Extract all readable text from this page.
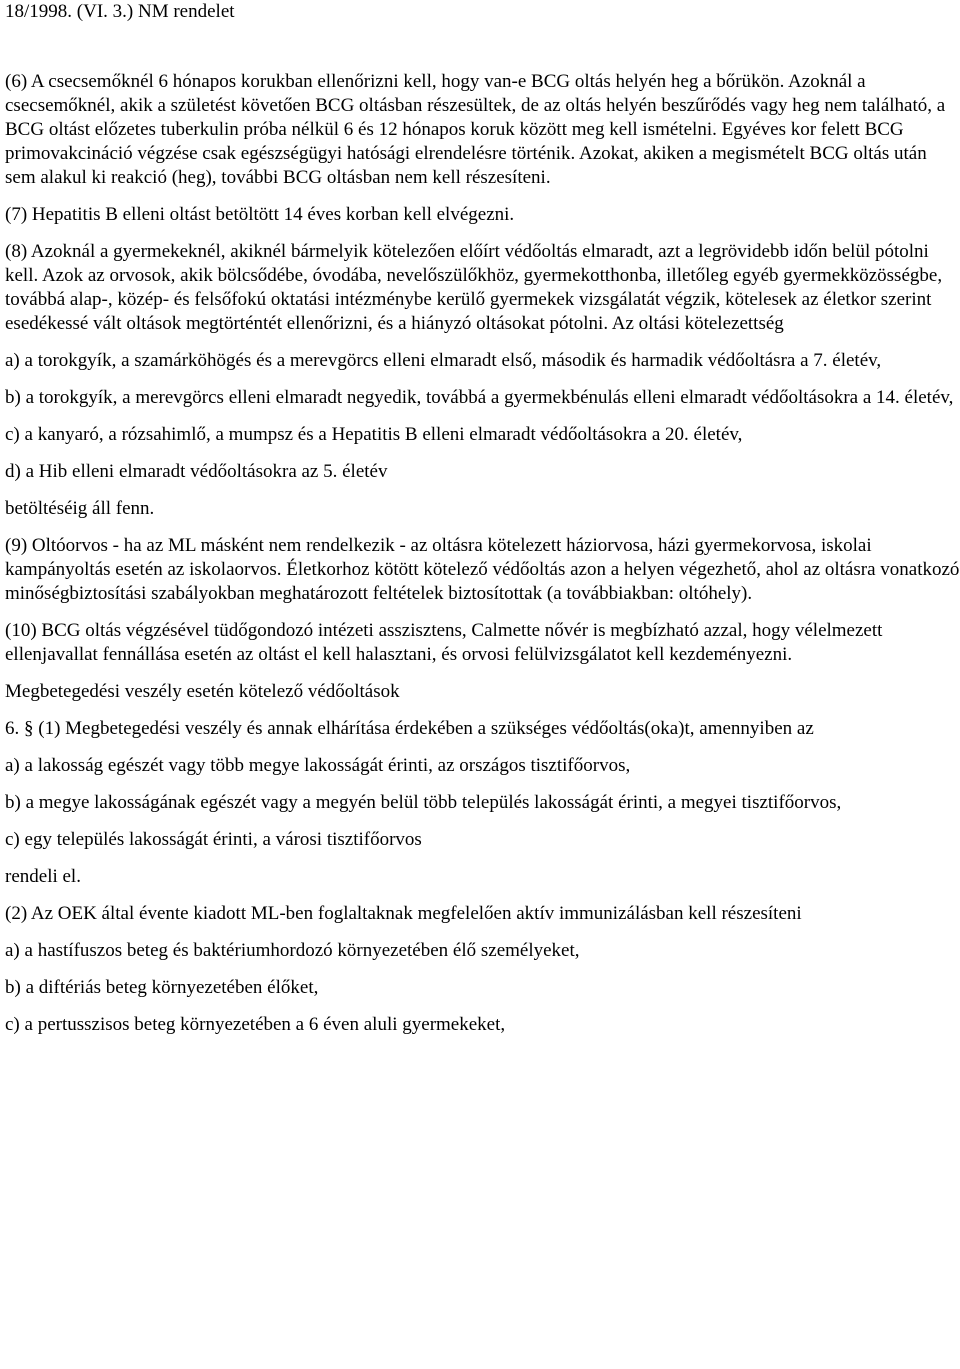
18/1998. (VI. 3.) NM rendelet

(6) A csecsemőknél 6 hónapos korukban ellenőrizni kell, hogy van-e BCG oltás helyén heg a bőrükön. Azoknál a csecsemőknél, akik a születést követően BCG oltásban részesültek, de az oltás helyén beszűrődés vagy heg nem található, a BCG oltást előzetes tuberkulin próba nélkül 6 és 12 hónapos koruk között meg kell ismételni. Egyéves kor felett BCG primovakcináció végzése csak egészségügyi hatósági elrendelésre történik. Azokat, akiken a megismételt BCG oltás után sem alakul ki reakció (heg), további BCG oltásban nem kell részesíteni.

(7) Hepatitis B elleni oltást betöltött 14 éves korban kell elvégezni.

(8) Azoknál a gyermekeknél, akiknél bármelyik kötelezően előírt védőoltás elmaradt, azt a legrövidebb időn belül pótolni kell. Azok az orvosok, akik bölcsődébe, óvodába, nevelőszülőkhöz, gyermekotthonba, illetőleg egyéb gyermekközösségbe, továbbá alap-, közép- és felsőfokú oktatási intézménybe kerülő gyermekek vizsgálatát végzik, kötelesek az életkor szerint esedékessé vált oltások megtörténtét ellenőrizni, és a hiányzó oltásokat pótolni. Az oltási kötelezettség

a) a torokgyík, a szamárköhögés és a merevgörcs elleni elmaradt első, második és harmadik védőoltásra a 7. életév,

b) a torokgyík, a merevgörcs elleni elmaradt negyedik, továbbá a gyermekbénulás elleni elmaradt védőoltásokra a 14. életév,

c) a kanyaró, a rózsahimlő, a mumpsz és a Hepatitis B elleni elmaradt védőoltásokra a 20. életév,

d) a Hib elleni elmaradt védőoltásokra az 5. életév

betöltéséig áll fenn.

(9) Oltóorvos - ha az ML másként nem rendelkezik - az oltásra kötelezett háziorvosa, házi gyermekorvosa, iskolai kampányoltás esetén az iskolaorvos. Életkorhoz kötött kötelező védőoltás azon a helyen végezhető, ahol az oltásra vonatkozó minőségbiztosítási szabályokban meghatározott feltételek biztosítottak (a továbbiakban: oltóhely).

(10) BCG oltás végzésével tüdőgondozó intézeti asszisztens, Calmette nővér is megbízható azzal, hogy vélelmezett ellenjavallat fennállása esetén az oltást el kell halasztani, és orvosi felülvizsgálatot kell kezdeményezni.

Megbetegedési veszély esetén kötelező védőoltások

6. § (1) Megbetegedési veszély és annak elhárítása érdekében a szükséges védőoltás(oka)t, amennyiben az

a) a lakosság egészét vagy több megye lakosságát érinti, az országos tisztifőorvos,

b) a megye lakosságának egészét vagy a megyén belül több település lakosságát érinti, a megyei tisztifőorvos,

c) egy település lakosságát érinti, a városi tisztifőorvos

rendeli el.

(2) Az OEK által évente kiadott ML-ben foglaltaknak megfelelően aktív immunizálásban kell részesíteni

a) a hastífuszos beteg és baktériumhordozó környezetében élő személyeket,

b) a diftériás beteg környezetében élőket,

c) a pertusszisos beteg környezetében a 6 éven aluli gyermekeket,
